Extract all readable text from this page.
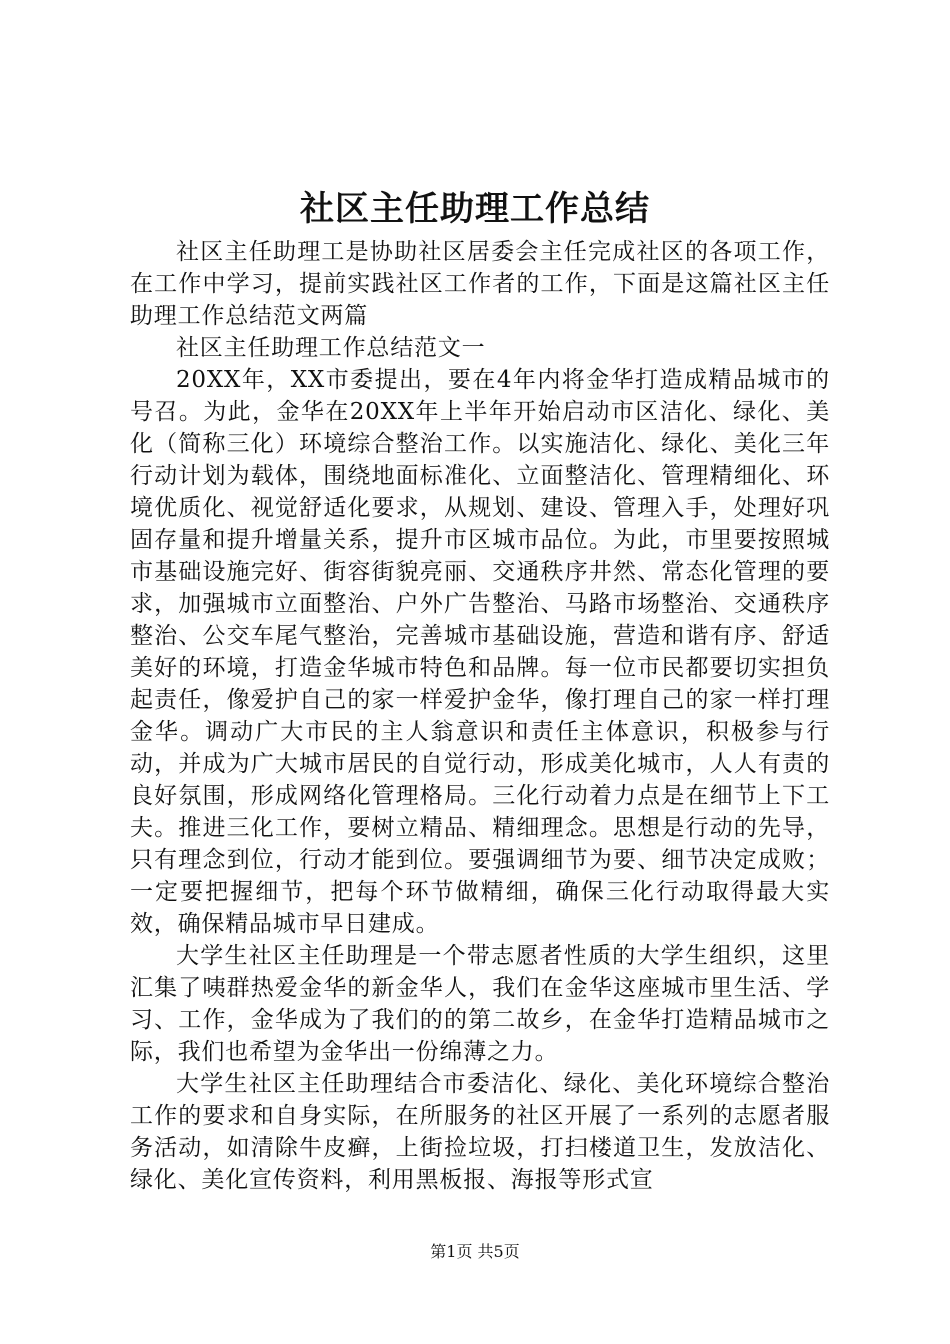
社区主任助理工作总结

社区主任助理工是协助社区居委会主任完成社区的各项工作，在工作中学习，提前实践社区工作者的工作，下面是这篇社区主任助理工作总结范文两篇

社区主任助理工作总结范文一

20XX年，XX市委提出，要在4年内将金华打造成精品城市的号召。为此，金华在20XX年上半年开始启动市区洁化、绿化、美化（简称三化）环境综合整治工作。以实施洁化、绿化、美化三年行动计划为载体，围绕地面标准化、立面整洁化、管理精细化、环境优质化、视觉舒适化要求，从规划、建设、管理入手，处理好巩固存量和提升增量关系，提升市区城市品位。为此，市里要按照城市基础设施完好、街容街貌亮丽、交通秩序井然、常态化管理的要求，加强城市立面整治、户外广告整治、马路市场整治、交通秩序整治、公交车尾气整治，完善城市基础设施，营造和谐有序、舒适美好的环境，打造金华城市特色和品牌。每一位市民都要切实担负起责任，像爱护自己的家一样爱护金华，像打理自己的家一样打理金华。调动广大市民的主人翁意识和责任主体意识，积极参与行动，并成为广大城市居民的自觉行动，形成美化城市，人人有责的良好氛围，形成网络化管理格局。三化行动着力点是在细节上下工夫。推进三化工作，要树立精品、精细理念。思想是行动的先导，只有理念到位，行动才能到位。要强调细节为要、细节决定成败；一定要把握细节，把每个环节做精细，确保三化行动取得最大实效，确保精品城市早日建成。

大学生社区主任助理是一个带志愿者性质的大学生组织，这里汇集了咦群热爱金华的新金华人，我们在金华这座城市里生活、学习、工作，金华成为了我们的的第二故乡，在金华打造精品城市之际，我们也希望为金华出一份绵薄之力。

大学生社区主任助理结合市委洁化、绿化、美化环境综合整治工作的要求和自身实际，在所服务的社区开展了一系列的志愿者服务活动，如清除牛皮癣，上街捡垃圾，打扫楼道卫生，发放洁化、绿化、美化宣传资料，利用黑板报、海报等形式宣

第1页 共5页
